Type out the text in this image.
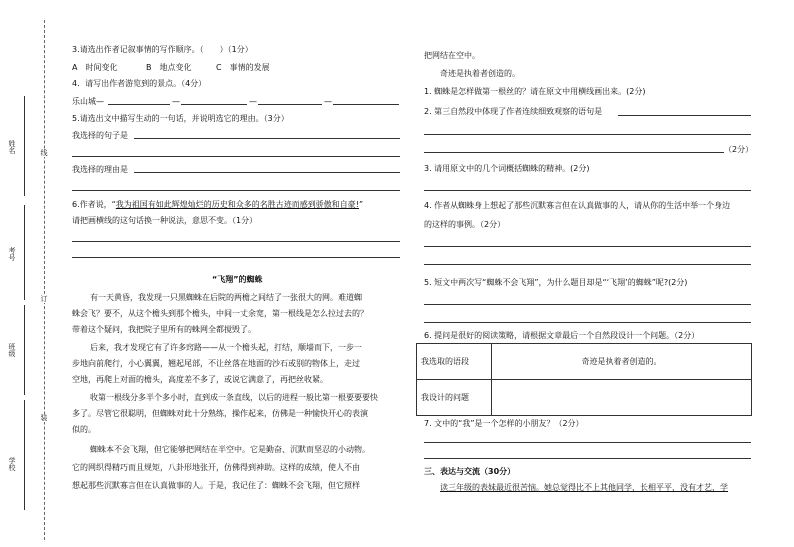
姓名
考号
班级
学校
线
订
装
3.请选出作者记叙事情的写作顺序。（　　）（1分）
A　时间变化	B　地点变化	C　事情的发展
4．请写出作者游览到的景点。（4分）
乐山城—	—	—	—
5.请选出文中描写生动的一句话，并说明选它的理由。（3分）
我选择的句子是
我选择的理由是
6.作者说，“我为祖国有如此辉煌灿烂的历史和众多的名胜古迹而感到骄傲和自豪!”
请把画横线的这句话换一种说法，意思不变。（1分）
“飞翔”的蜘蛛
有一天黄昏，我发现一只黑蜘蛛在后院的两檐之间结了一张很大的网。难道蜘
蛛会飞？要不，从这个檐头到那个檐头，中间一丈余宽，第一根线是怎么拉过去的？
带着这个疑问，我把院子里所有的蛛网全都搅毁了。
后来，我才发现它有了许多窍路——从一个檐头起，打结，顺墙而下，一步一
步地向前爬行，小心翼翼，翘起尾部，不让丝落在地面的沙石或别的物体上，走过
空地，再爬上对面的檐头，高度差不多了，或说它满意了，再把丝收紧。
收第一根线分多半个多小时，直到成一条直线，以后的进程一般比第一根要要要快
多了。尽管它很聪明，但蜘蛛对此十分熟练，操作起来，仿佛是一种愉快开心的表演
似的。
蜘蛛本不会飞翔，但它能够把网结在半空中。它是勤奋、沉默而坚忍的小动物。
它的网织得精巧而且规矩，八卦形地张开，仿佛得到神助。这样的成绩，使人不由
想起那些沉默寡言但在认真做事的人。于是，我记住了：蜘蛛不会飞翔，但它照样
把网结在空中。
奇迹是执着者创造的。
1. 蜘蛛是怎样做第一根丝的？请在原文中用横线画出来。(2分)
2. 第三自然段中体现了作者连续细致观察的语句是
（2分）
3. 请用原文中的几个词概括蜘蛛的精神。(2分)
4. 作者从蜘蛛身上想起了那些沉默寡言但在认真做事的人，请从你的生活中举一个身边
的这样的事例。（2分）
5. 短文中两次写“蜘蛛不会飞翔”，为什么题目却是“‘飞翔’的蜘蛛”呢?(2分)
6. 提问是很好的阅读策略，请根据文章最后一个自然段设计一个问题。（2分）
我选取的语段	奇迹是执着者创造的。
我设计的问题	
7. 文中的“我”是一个怎样的小朋友？（2分）
三、表达与交流（30分）
读三年级的表妹最近很苦恼。她总觉得比不上其他同学，长相平平，没有才艺，学
